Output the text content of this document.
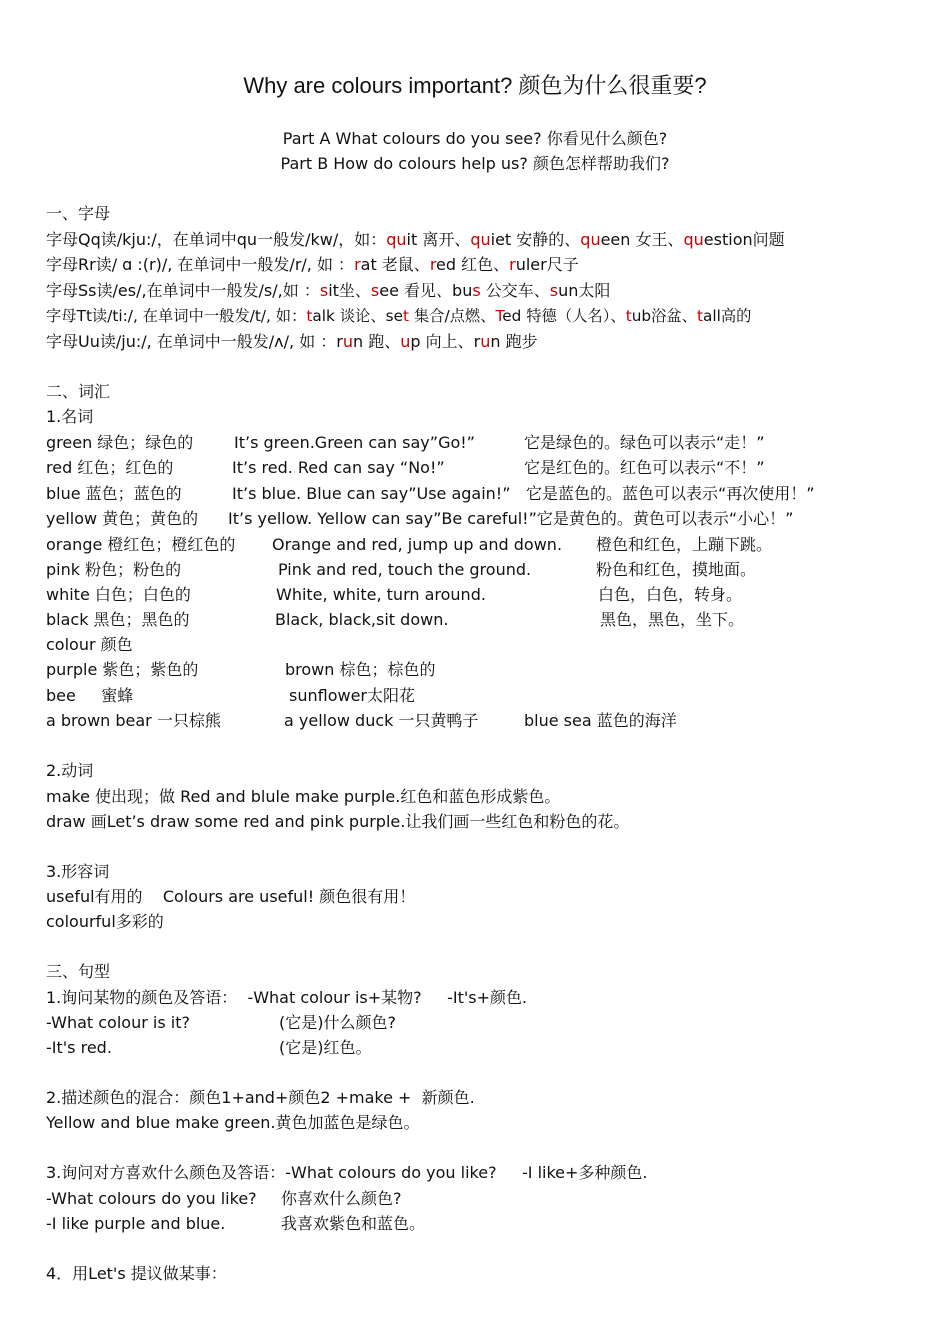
Why are colours important? 颜色为什么很重要?
Part A What colours do you see? 你看见什么颜色?
Part B How do colours help us? 颜色怎样帮助我们?
一、字母
字母Qq读/kju:/，在单词中qu一般发/kw/，如：quit 离开、quiet 安静的、queen 女王、question问题
字母Rr读/ ɑ :(r)/, 在单词中一般发/r/, 如 ：rat 老鼠、red 红色、ruler尺子
字母Ss读/es/,在单词中一般发/s/,如 ：sit坐、see 看见、bus 公交车、sun太阳
字母Tt读/ti:/, 在单词中一般发/t/, 如：talk 谈论、set 集合/点燃、Ted 特德（人名）、tub浴盆、tall高的
字母Uu读/ju:/, 在单词中一般发/ʌ/, 如 ：run 跑、up 向上、run 跑步
二、词汇
1.名词
green 绿色；绿色的	It’s green.Green can say”Go!”	它是绿色的。绿色可以表示“走！”
red 红色；红色的	It’s red. Red can say “No!”	它是红色的。红色可以表示“不！”
blue 蓝色；蓝色的	It’s blue. Blue can say”Use again!” 它是蓝色的。蓝色可以表示“再次使用！”
yellow 黄色；黄色的 It’s yellow. Yellow can say”Be careful!”它是黄色的。黄色可以表示“小心！”
orange 橙红色；橙红色的 Orange and red, jump up and down. 橙色和红色，上蹦下跳。
pink 粉色；粉色的	Pink and red, touch the ground.	粉色和红色，摸地面。
white 白色；白色的	White, white, turn around.	白色，白色，转身。
black 黑色；黑色的	Black, black,sit down.	黑色，黑色，坐下。
colour 颜色
purple 紫色；紫色的	brown 棕色；棕色的
bee     蜜蜂	sunflower太阳花
a brown bear 一只棕熊	a yellow duck 一只黄鸭子	blue sea 蓝色的海洋
2.动词
make 使出现；做 Red and blule make purple.红色和蓝色形成紫色。
draw 画Let’s draw some red and pink purple.让我们画一些红色和粉色的花。
3.形容词
useful有用的    Colours are useful! 颜色很有用！
colourful多彩的
三、句型
1.询问某物的颜色及答语：  -What colour is+某物?     -It's+颜色.
-What colour is it?	(它是)什么颜色?
-It's red.	(它是)红色。
2.描述颜色的混合：颜色1+and+颜色2 +make +  新颜色.
Yellow and blue make green.黄色加蓝色是绿色。
3.询问对方喜欢什么颜色及答语：-What colours do you like?     -I like+多种颜色.
-What colours do you like? 你喜欢什么颜色?
-I like purple and blue.	我喜欢紫色和蓝色。
4．用Let's 提议做某事：
